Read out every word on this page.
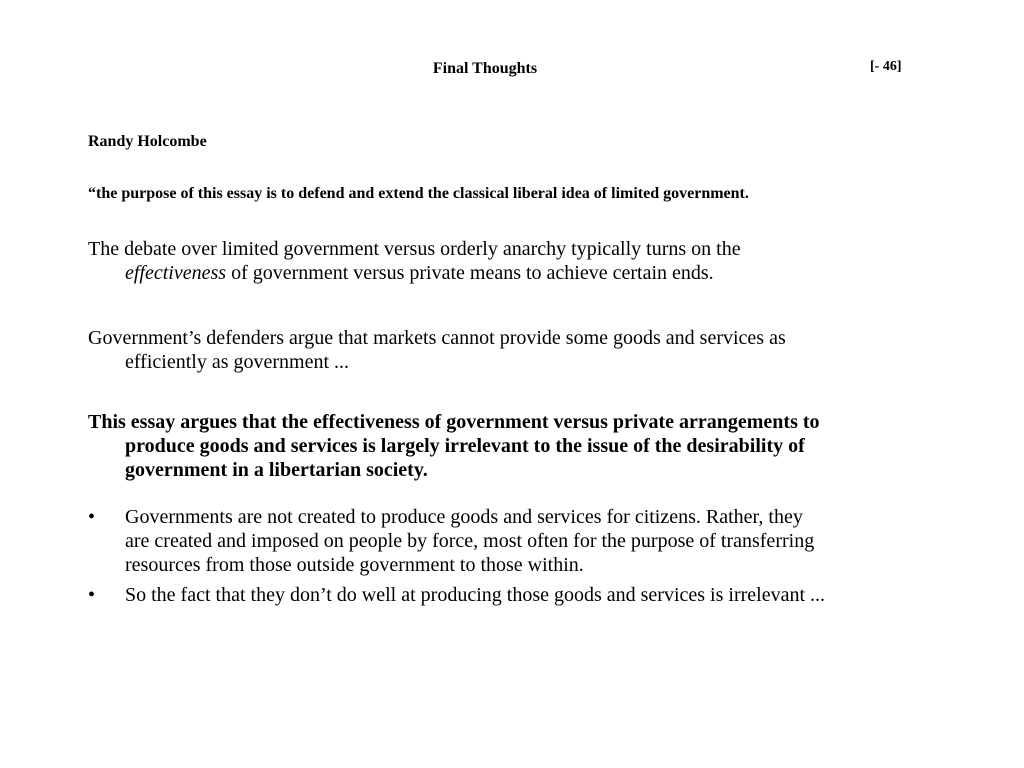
Final Thoughts	[- 46]
Randy Holcombe
“the purpose of this essay is to defend and extend the classical liberal idea of limited government.
The debate over limited government versus orderly anarchy typically turns on the
effectiveness of government versus private means to achieve certain ends.
Government’s defenders argue that markets cannot provide some goods and services as
efficiently as government ...
This essay argues that the effectiveness of government versus private arrangements to
produce goods and services is largely irrelevant to the issue of the desirability of
government in a libertarian society.
• Governments are not created to produce goods and services for citizens. Rather, they
are created and imposed on people by force, most often for the purpose of transferring
resources from those outside government to those within.
• So the fact that they don’t do well at producing those goods and services is irrelevant ...
